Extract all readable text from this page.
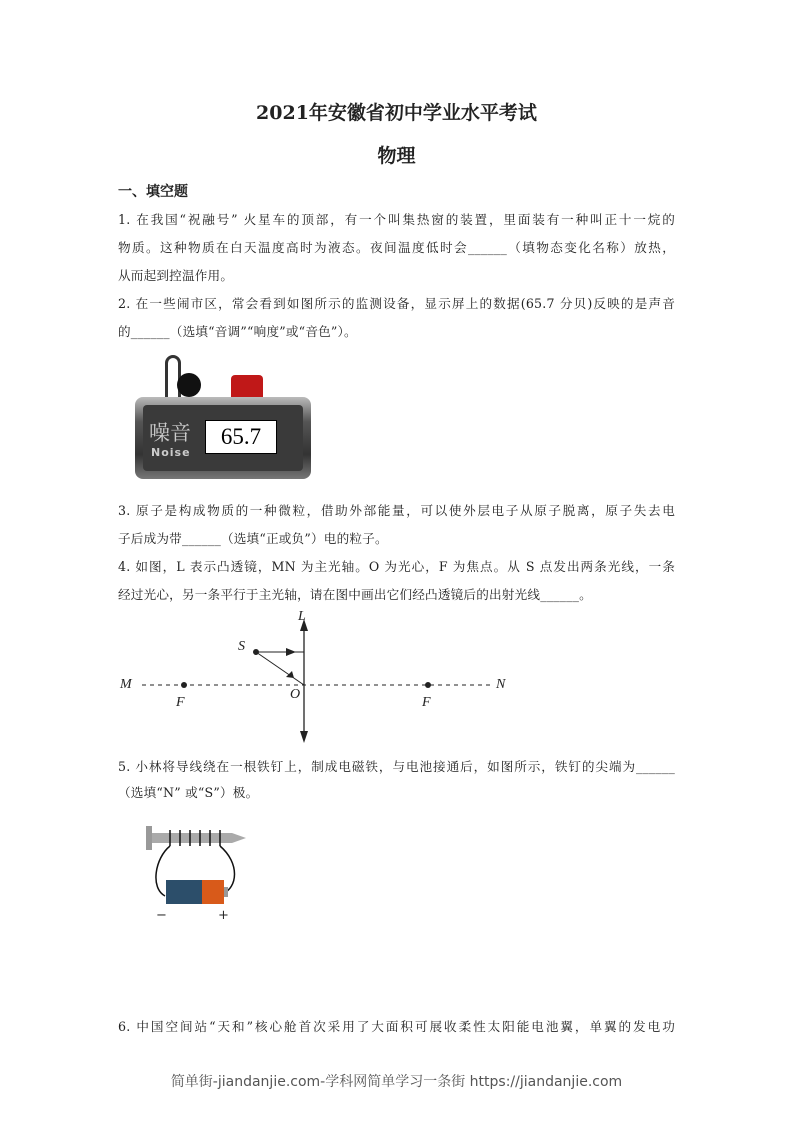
2021年安徽省初中学业水平考试
物理
一、填空题
1. 在我国“祝融号” 火星车的顶部，有一个叫集热窗的装置，里面装有一种叫正十一烷的
物质。这种物质在白天温度高时为液态。夜间温度低时会______（填物态变化名称）放热，
从而起到控温作用。
2. 在一些闹市区，常会看到如图所示的监测设备，显示屏上的数据(65.7 分贝)反映的是声音
的______（选填“音调”“响度”或“音色”）。
噪音
Noise
65.7
3. 原子是构成物质的一种微粒，借助外部能量，可以使外层电子从原子脱离，原子失去电
子后成为带______（选填“正或负”）电的粒子。
4. 如图，L 表示凸透镜，MN 为主光轴。O 为光心，F 为焦点。从 S 点发出两条光线，一条
经过光心，另一条平行于主光轴，请在图中画出它们经凸透镜后的出射光线______。
L
S
M	N
O
F	F
5. 小林将导线绕在一根铁钉上，制成电磁铁，与电池接通后，如图所示，铁钉的尖端为______
（选填“N” 或“S”）极。
−	+
6. 中国空间站“天和”核心舱首次采用了大面积可展收柔性太阳能电池翼，单翼的发电功
简单街-jiandanjie.com-学科网简单学习一条街 https://jiandanjie.com
